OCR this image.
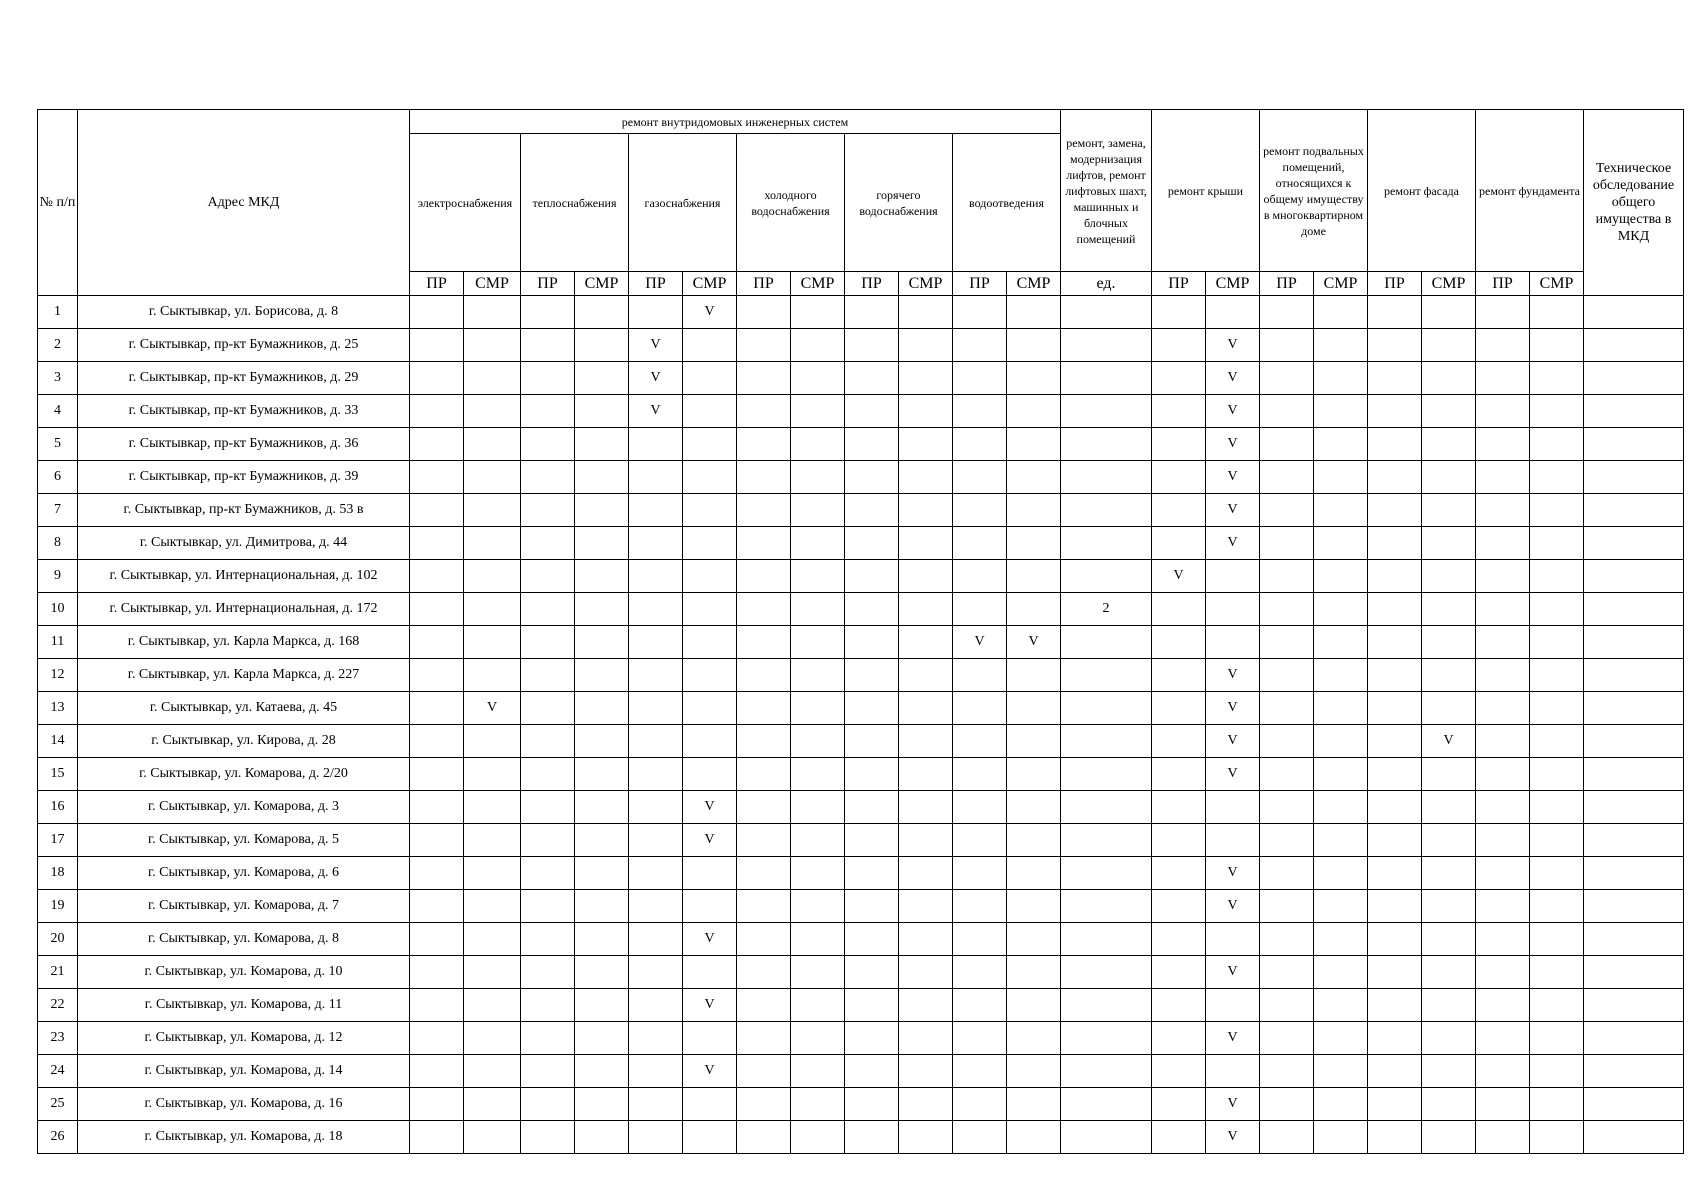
№ п/п	Адрес МКД	ремонт внутридомовых инженерных систем												ремонт, замена, модернизация лифтов, ремонт лифтовых шахт, машинных и блочных помещений	ремонт крыши		ремонт подвальных помещений, относящихся к общему имуществу в многоквартирном доме		ремонт фасада		ремонт фундамента		Техническое обследование общего имущества в МКД
		электроснабжения		теплоснабжения		газоснабжения		холодного водоснабжения		горячего водоснабжения		водоотведения											
		ПР	СМР	ПР	СМР	ПР	СМР	ПР	СМР	ПР	СМР	ПР	СМР	ед.	ПР	СМР	ПР	СМР	ПР	СМР	ПР	СМР	
1	г. Сыктывкар, ул. Борисова, д. 8						V																
2	г. Сыктывкар, пр-кт Бумажников, д. 25					V										V							
3	г. Сыктывкар, пр-кт Бумажников, д. 29					V										V							
4	г. Сыктывкар, пр-кт Бумажников, д. 33					V										V							
5	г. Сыктывкар, пр-кт Бумажников, д. 36															V							
6	г. Сыктывкар, пр-кт Бумажников, д. 39															V							
7	г. Сыктывкар, пр-кт Бумажников, д. 53 в															V							
8	г. Сыктывкар, ул. Димитрова, д. 44															V							
9	г. Сыктывкар, ул. Интернациональная, д. 102														V								
10	г. Сыктывкар, ул. Интернациональная, д. 172													2									
11	г. Сыктывкар, ул. Карла Маркса, д. 168											V	V										
12	г. Сыктывкар, ул. Карла Маркса, д. 227															V							
13	г. Сыктывкар, ул. Катаева, д. 45		V													V							
14	г. Сыктывкар, ул. Кирова, д. 28															V				V			
15	г. Сыктывкар, ул. Комарова, д. 2/20															V							
16	г. Сыктывкар, ул. Комарова, д. 3						V																
17	г. Сыктывкар, ул. Комарова, д. 5						V																
18	г. Сыктывкар, ул. Комарова, д. 6															V							
19	г. Сыктывкар, ул. Комарова, д. 7															V							
20	г. Сыктывкар, ул. Комарова, д. 8						V																
21	г. Сыктывкар, ул. Комарова, д. 10															V							
22	г. Сыктывкар, ул. Комарова, д. 11						V																
23	г. Сыктывкар, ул. Комарова, д. 12															V							
24	г. Сыктывкар, ул. Комарова, д. 14						V																
25	г. Сыктывкар, ул. Комарова, д. 16															V							
26	г. Сыктывкар, ул. Комарова, д. 18															V							
